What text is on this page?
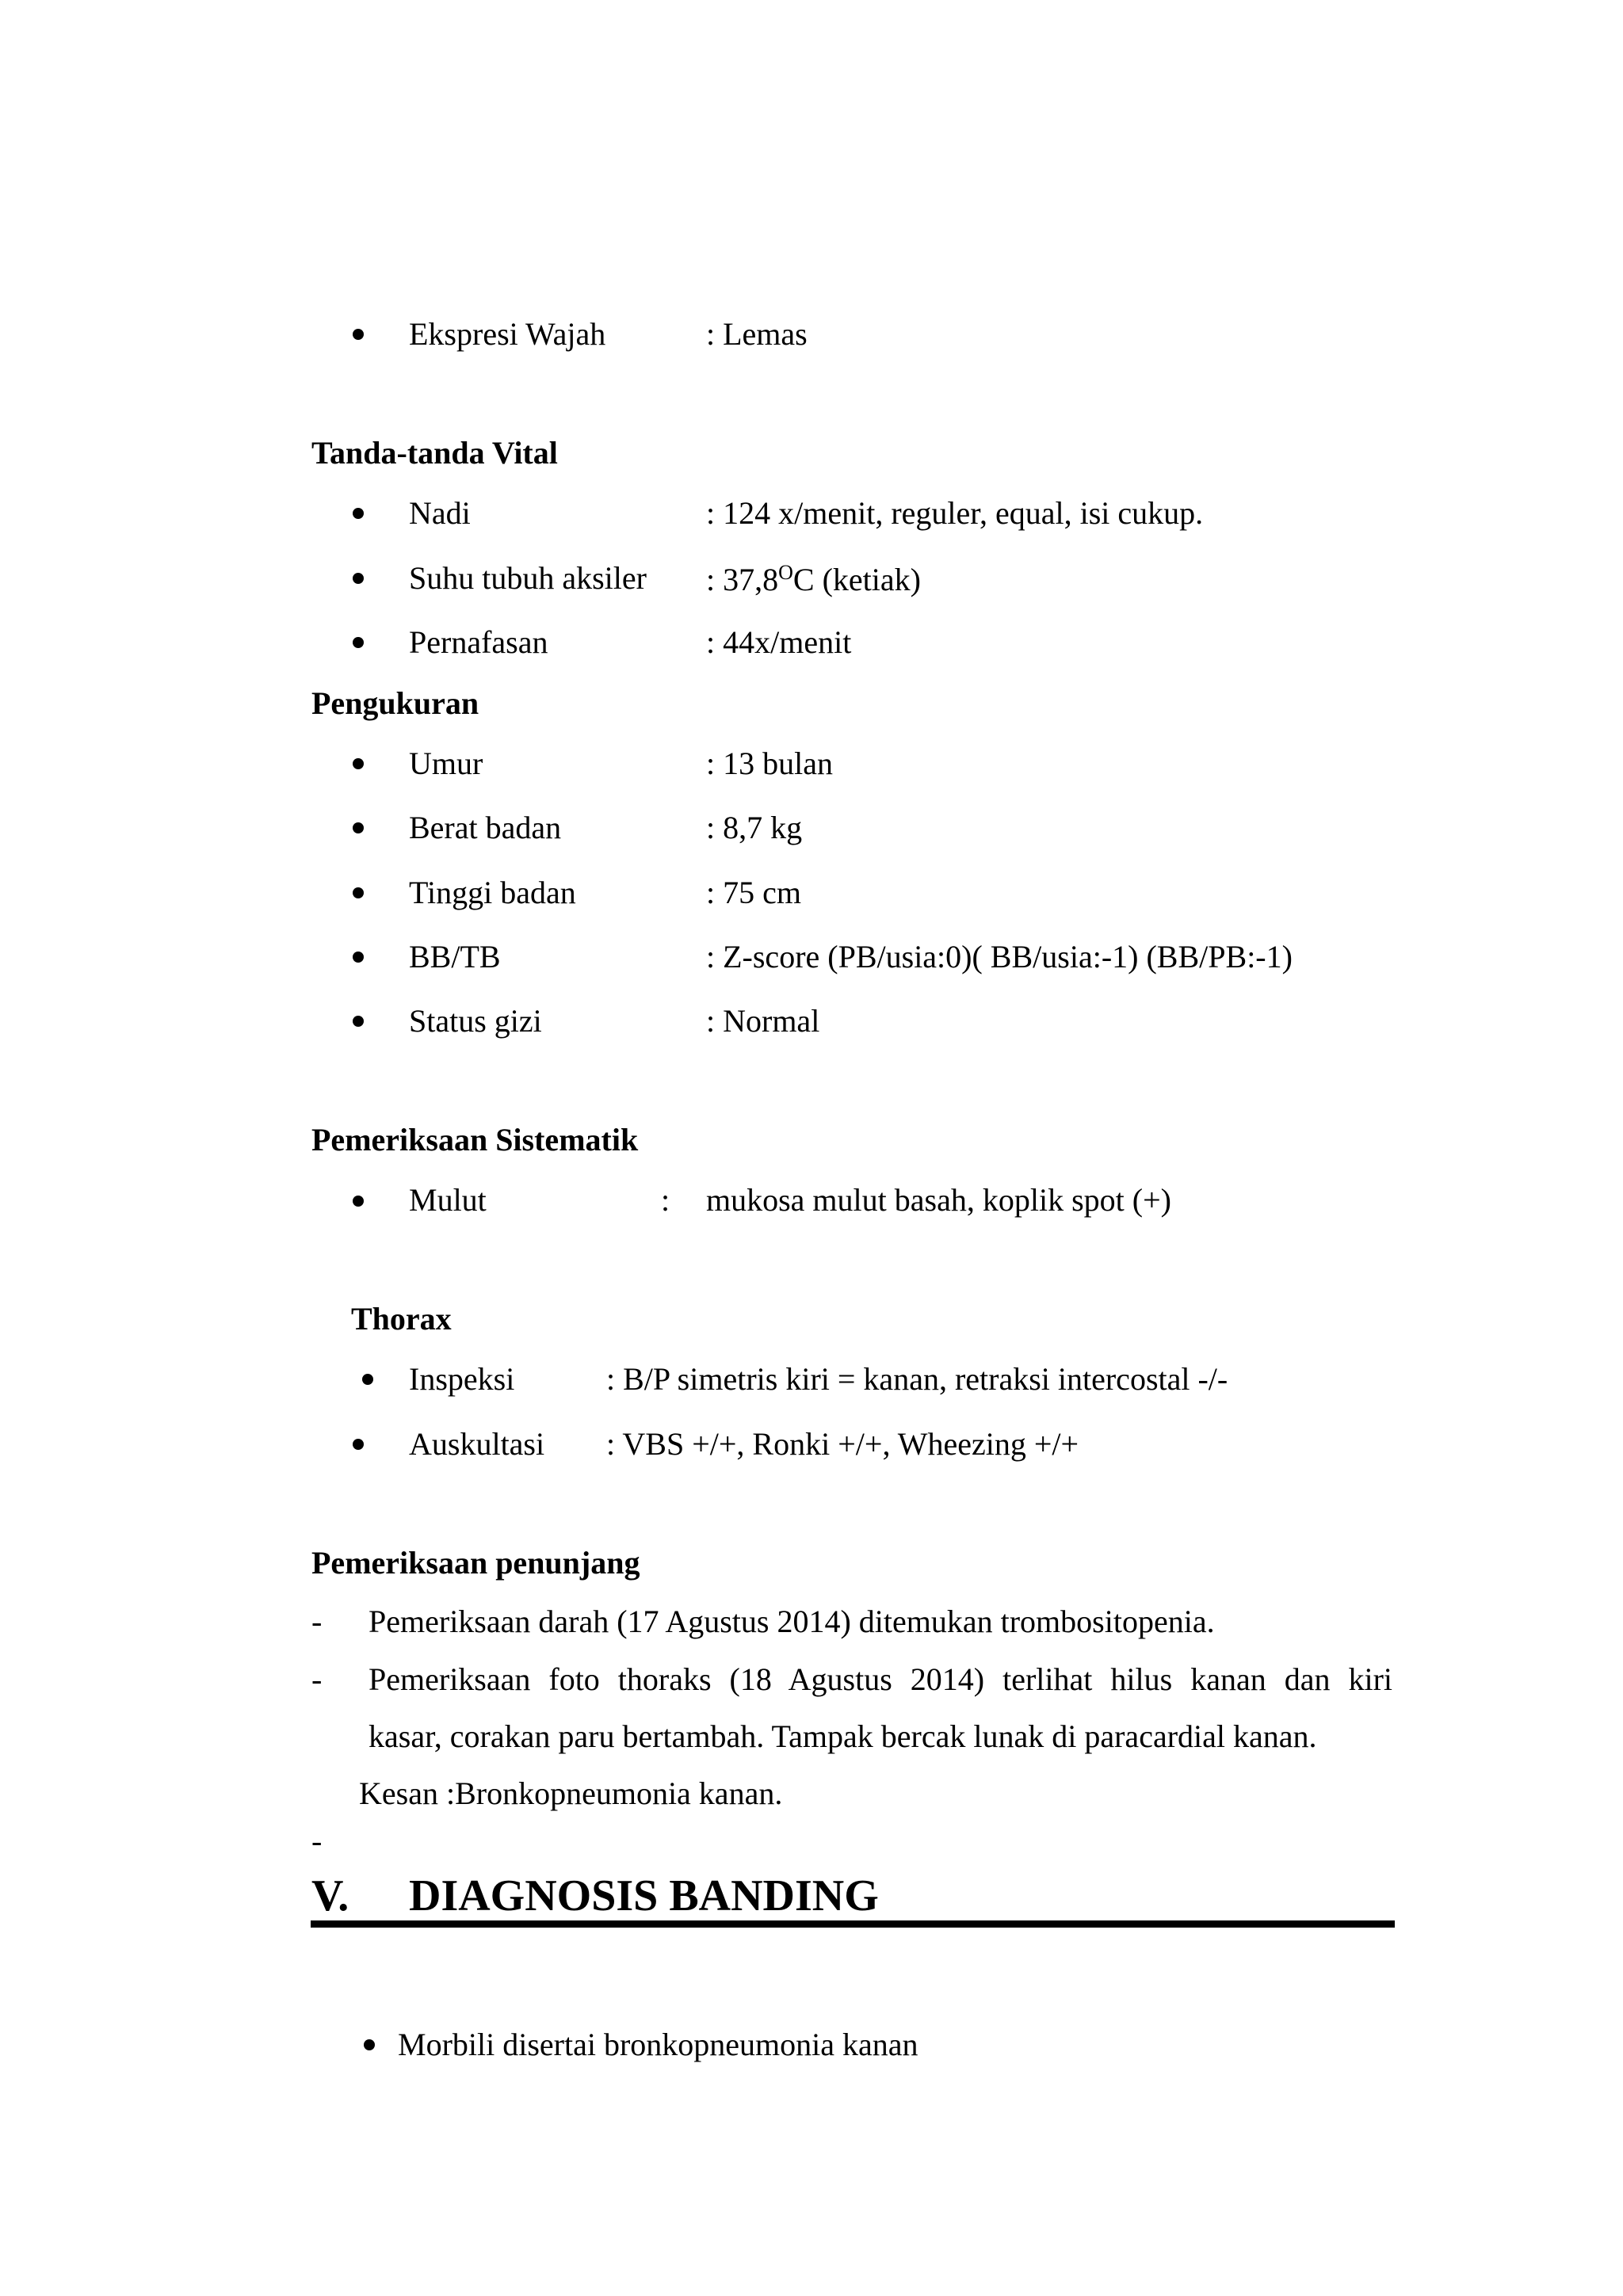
Ekspresi Wajah	: Lemas
Tanda-tanda Vital
Nadi	: 124 x/menit, reguler, equal, isi cukup.
Suhu tubuh aksiler : $37,8^OC$ (ketiak)
Pernafasan	: 44x/menit
Pengukuran
Umur	: 13 bulan
Berat badan	: 8,7 kg
Tinggi badan	: 75 cm
BB/TB	: Z-score (PB/usia:0)( BB/usia:-1) (BB/PB:-1)
Status gizi	: Normal
Pemeriksaan Sistematik
Mulut	: mukosa mulut basah, koplik spot (+)
Thorax
Inspeksi	: B/P simetris kiri = kanan, retraksi intercostal -/-
Auskultasi : VBS +/+, Ronki +/+, Wheezing +/+
Pemeriksaan penunjang
- Pemeriksaan darah (17 Agustus 2014) ditemukan trombositopenia.
- Pemeriksaan foto thoraks (18 Agustus 2014) terlihat hilus kanan dan kiri
kasar, corakan paru bertambah. Tampak bercak lunak di paracardial kanan.
Kesan :Bronkopneumonia kanan.
-
V. DIAGNOSIS BANDING
Morbili disertai bronkopneumonia kanan
